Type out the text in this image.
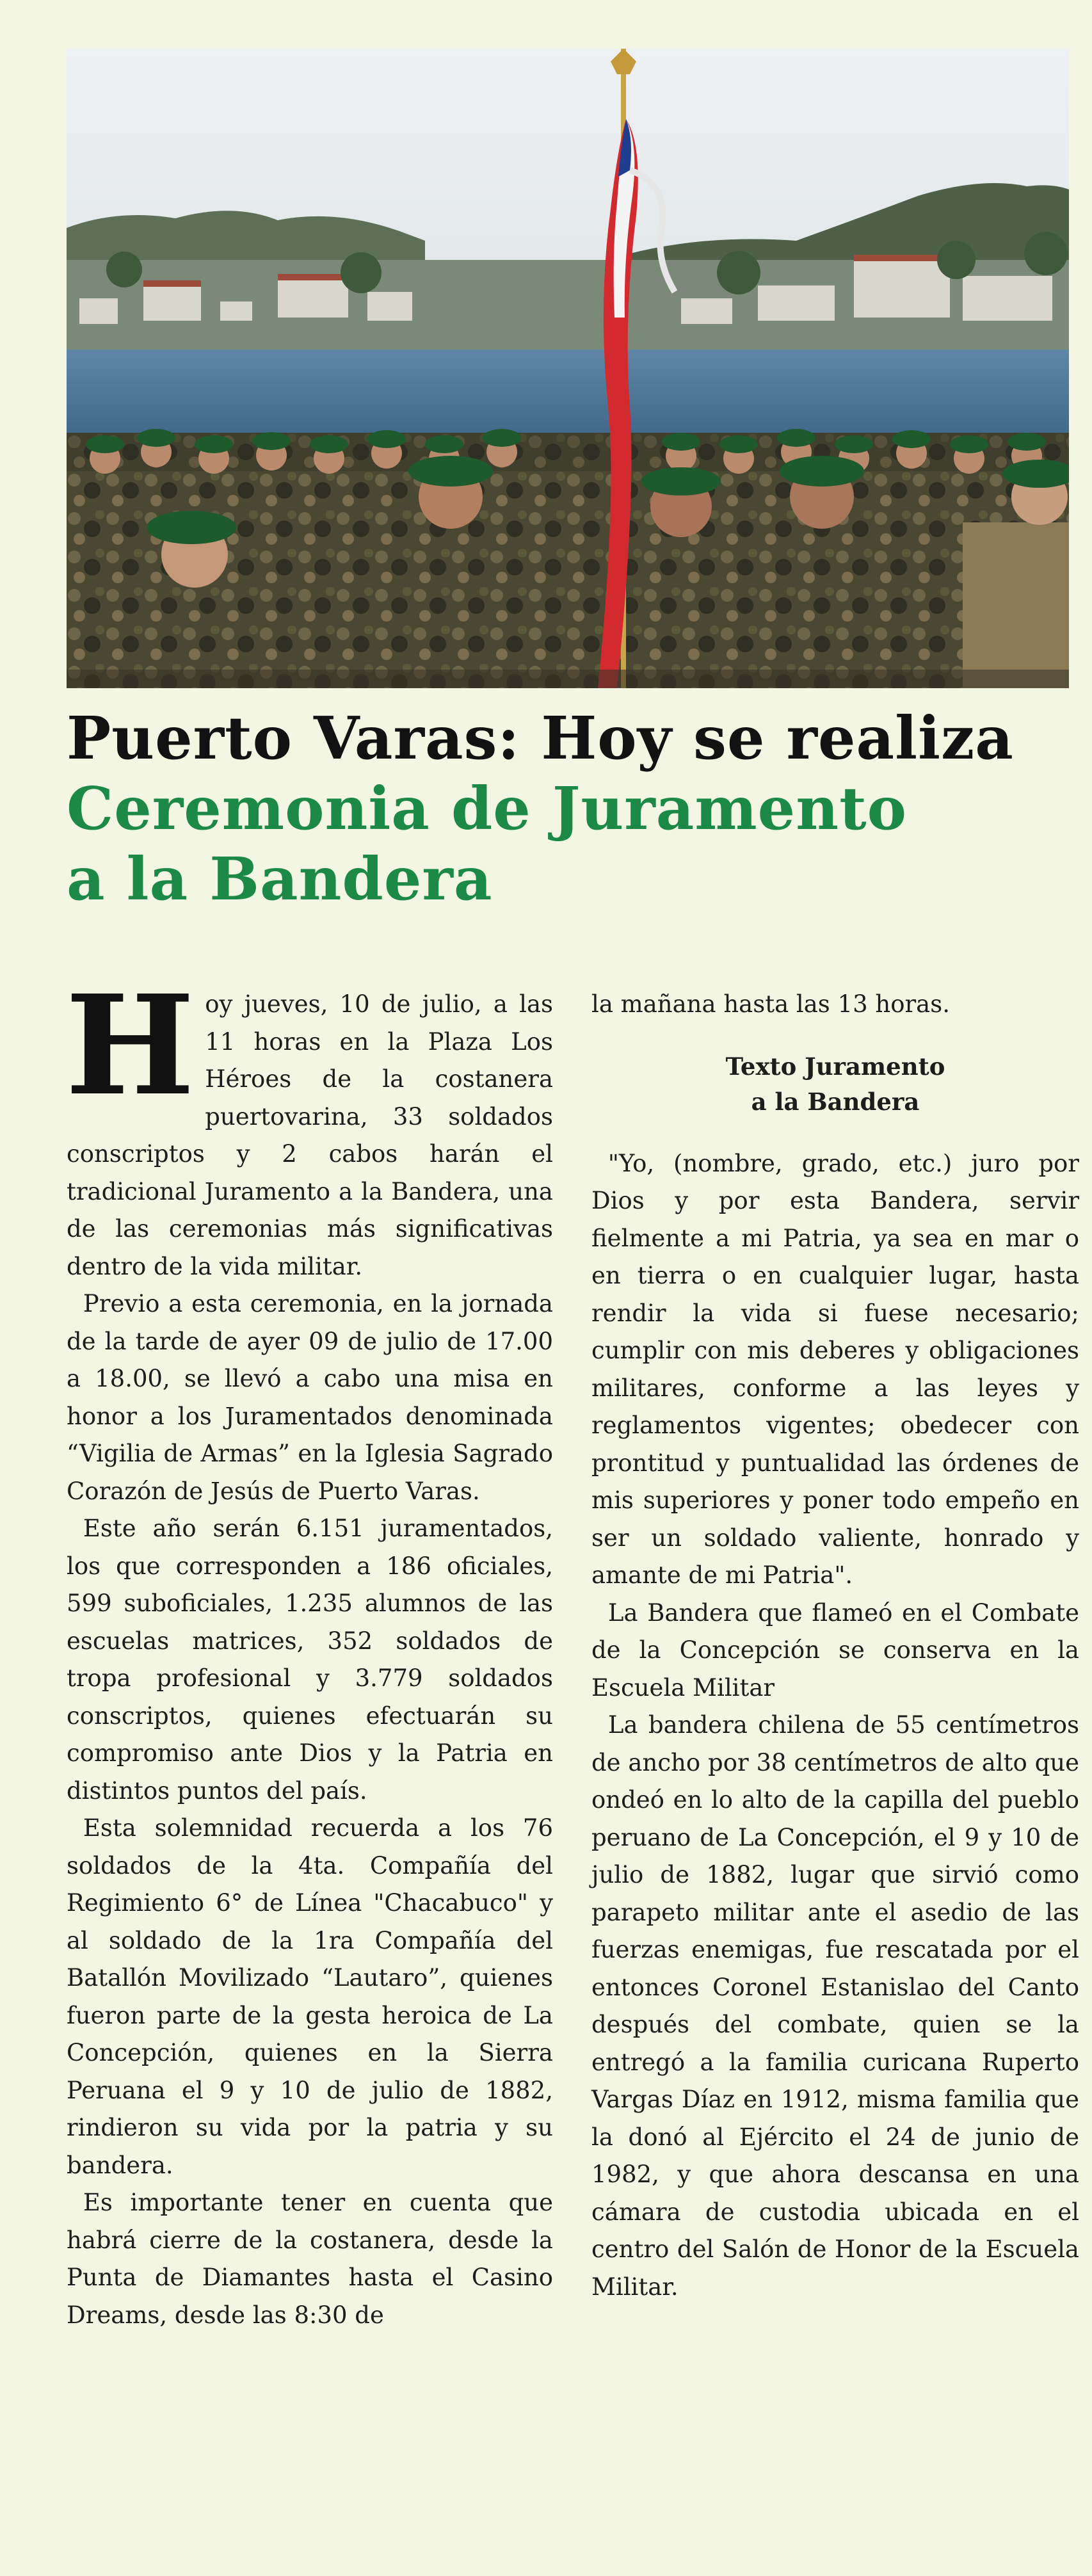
Puerto Varas: Hoy se realiza
Ceremonia de Juramento
a la Bandera

Hoy jueves, 10 de julio, a las 11 horas en la Plaza Los Héroes de la costanera puertovarina, 33 soldados conscriptos y 2 cabos harán el tradicional Juramento a la Bandera, una de las ceremonias más significativas dentro de la vida militar.

Previo a esta ceremonia, en la jornada de la tarde de ayer 09 de julio de 17.00 a 18.00, se llevó a cabo una misa en honor a los Juramentados denominada “Vigilia de Armas” en la Iglesia Sagrado Corazón de Jesús de Puerto Varas.

Este año serán 6.151 juramentados, los que corresponden a 186 oficiales, 599 suboficiales, 1.235 alumnos de las escuelas matrices, 352 soldados de tropa profesional y 3.779 soldados conscriptos, quienes efectuarán su compromiso ante Dios y la Patria en distintos puntos del país.

Esta solemnidad recuerda a los 76 soldados de la 4ta. Compañía del Regimiento 6° de Línea "Chacabuco" y al soldado de la 1ra Compañía del Batallón Movilizado “Lautaro”, quienes fueron parte de la gesta heroica de La Concepción, quienes en la Sierra Peruana el 9 y 10 de julio de 1882, rindieron su vida por la patria y su bandera.

Es importante tener en cuenta que habrá cierre de la costanera, desde la Punta de Diamantes hasta el Casino Dreams, desde las 8:30 de

la mañana hasta las 13 horas.

Texto Juramento
a la Bandera

"Yo, (nombre, grado, etc.) juro por Dios y por esta Bandera, servir fielmente a mi Patria, ya sea en mar o en tierra o en cualquier lugar, hasta rendir la vida si fuese necesario; cumplir con mis deberes y obligaciones militares, conforme a las leyes y reglamentos vigentes; obedecer con prontitud y puntualidad las órdenes de mis superiores y poner todo empeño en ser un soldado valiente, honrado y amante de mi Patria".

La Bandera que flameó en el Combate de la Concepción se conserva en la Escuela Militar

La bandera chilena de 55 centímetros de ancho por 38 centímetros de alto que ondeó en lo alto de la capilla del pueblo peruano de La Concepción, el 9 y 10 de julio de 1882, lugar que sirvió como parapeto militar ante el asedio de las fuerzas enemigas, fue rescatada por el entonces Coronel Estanislao del Canto después del combate, quien se la entregó a la familia curicana Ruperto Vargas Díaz en 1912, misma familia que la donó al Ejército el 24 de junio de 1982, y que ahora descansa en una cámara de custodia ubicada en el centro del Salón de Honor de la Escuela Militar.
